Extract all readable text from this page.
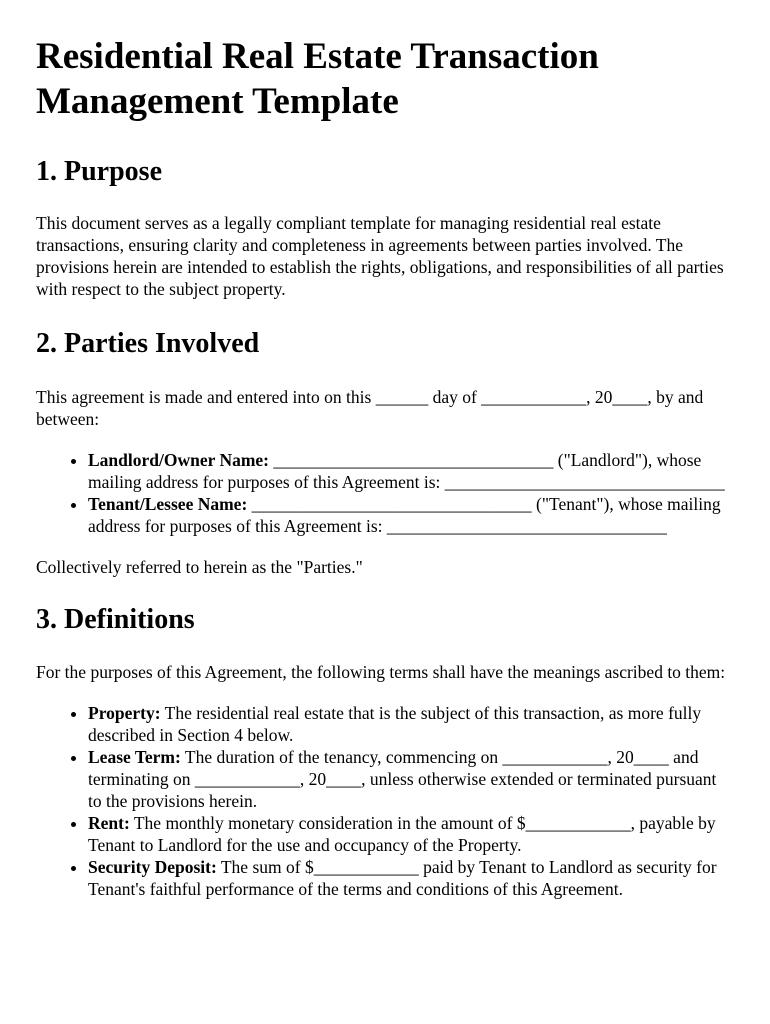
Residential Real Estate Transaction Management Template
1. Purpose

This document serves as a legally compliant template for managing residential real estate transactions, ensuring clarity and completeness in agreements between parties involved. The provisions herein are intended to establish the rights, obligations, and responsibilities of all parties with respect to the subject property.

2. Parties Involved

This agreement is made and entered into on this ______ day of ____________, 20____, by and between:

• Landlord/Owner Name: ________________________________ ("Landlord"), whose mailing address for purposes of this Agreement is: ________________________________
• Tenant/Lessee Name: ________________________________ ("Tenant"), whose mailing address for purposes of this Agreement is: ________________________________

Collectively referred to herein as the "Parties."

3. Definitions

For the purposes of this Agreement, the following terms shall have the meanings ascribed to them:

• Property: The residential real estate that is the subject of this transaction, as more fully described in Section 4 below.
• Lease Term: The duration of the tenancy, commencing on ____________, 20____ and terminating on ____________, 20____, unless otherwise extended or terminated pursuant to the provisions herein.
• Rent: The monthly monetary consideration in the amount of $____________, payable by Tenant to Landlord for the use and occupancy of the Property.
• Security Deposit: The sum of $____________ paid by Tenant to Landlord as security for Tenant's faithful performance of the terms and conditions of this Agreement.
